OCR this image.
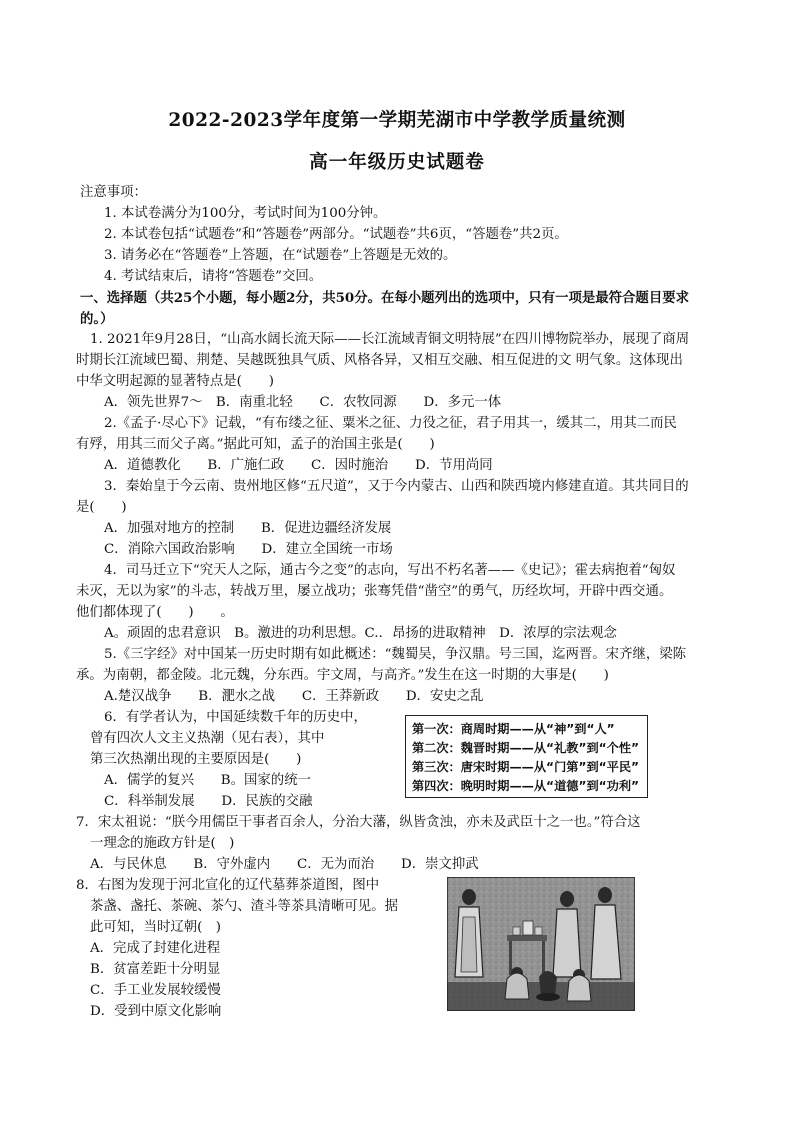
2022-2023学年度第一学期芜湖市中学教学质量统测
高一年级历史试题卷
注意事项：
1. 本试卷满分为100分，考试时间为100分钟。
2. 本试卷包括“试题卷”和“答题卷”两部分。“试题卷”共6页，“答题卷”共2页。
3. 请务必在“答题卷”上答题，在“试题卷”上答题是无效的。
4. 考试结束后，请将“答题卷”交回。
一、选择题（共25个小题，每小题2分，共50分。在每小题列出的选项中，只有一项是最符合题目要求
的。）
1. 2021年9月28日，“山高水阔长流天际——长江流域青铜文明特展”在四川博物院举办，展现了商周
时期长江流域巴蜀、荆楚、吴越既独具气质、风格各异，又相互交融、相互促进的文 明气象。这体现出
中华文明起源的显著特点是(　　)
A．领先世界7～　B．南重北轻　　C．农牧同源　　D．多元一体
2.《孟子·尽心下》记载，“有布缕之征、粟米之征、力役之征，君子用其一，缓其二，用其二而民
有殍，用其三而父子离。”据此可知，孟子的治国主张是(　　)
A．道德教化　　B．广施仁政　　C．因时施治　　D．节用尚同
3．秦始皇于今云南、贵州地区修“五尺道”，又于今内蒙古、山西和陕西境内修建直道。其共同目的
是(　　)
A．加强对地方的控制　　B．促进边疆经济发展
C．消除六国政治影响　　D．建立全国统一市场
4．司马迁立下“究天人之际，通古今之变”的志向，写出不朽名著——《史记》；霍去病抱着“匈奴
未灭，无以为家”的斗志，转战万里，屡立战功；张骞凭借“凿空”的勇气，历经坎坷，开辟中西交通。
他们都体现了(　　)　　。
A。顽固的忠君意识　B。激进的功利思想。C.．昂扬的进取精神　D．浓厚的宗法观念
5.《三字经》对中国某一历史时期有如此概述：“魏蜀吴，争汉鼎。号三国，迄两晋。宋齐继，梁陈
承。为南朝，都金陵。北元魏，分东西。宇文周，与高齐。”发生在这一时期的大事是(　　)
A.楚汉战争　　B．淝水之战　　C．王莽新政　　D．安史之乱
6．有学者认为，中国延续数千年的历史中，
曾有四次人文主义热潮（见右表），其中
第三次热潮出现的主要原因是(　　)
A．儒学的复兴　　B。国家的统一
C．科举制发展　　D．民族的交融
第一次：商周时期——从“神”到“人”
第二次：魏晋时期——从“礼教”到“个性”
第三次：唐宋时期——从“门第”到“平民”
第四次：晚明时期——从“道德”到“功利”
7．宋太祖说：“朕今用儒臣干事者百余人，分治大藩，纵皆贪浊，亦未及武臣十之一也。”符合这
一理念的施政方针是(　)
A．与民休息　　B．守外虚内　　C．无为而治　　D．崇文抑武
8．右图为发现于河北宣化的辽代墓葬茶道图，图中
茶盏、盏托、茶碗、茶勺、渣斗等茶具清晰可见。据
此可知，当时辽朝(　)
A．完成了封建化进程
B．贫富差距十分明显
C．手工业发展较缓慢
D．受到中原文化影响
